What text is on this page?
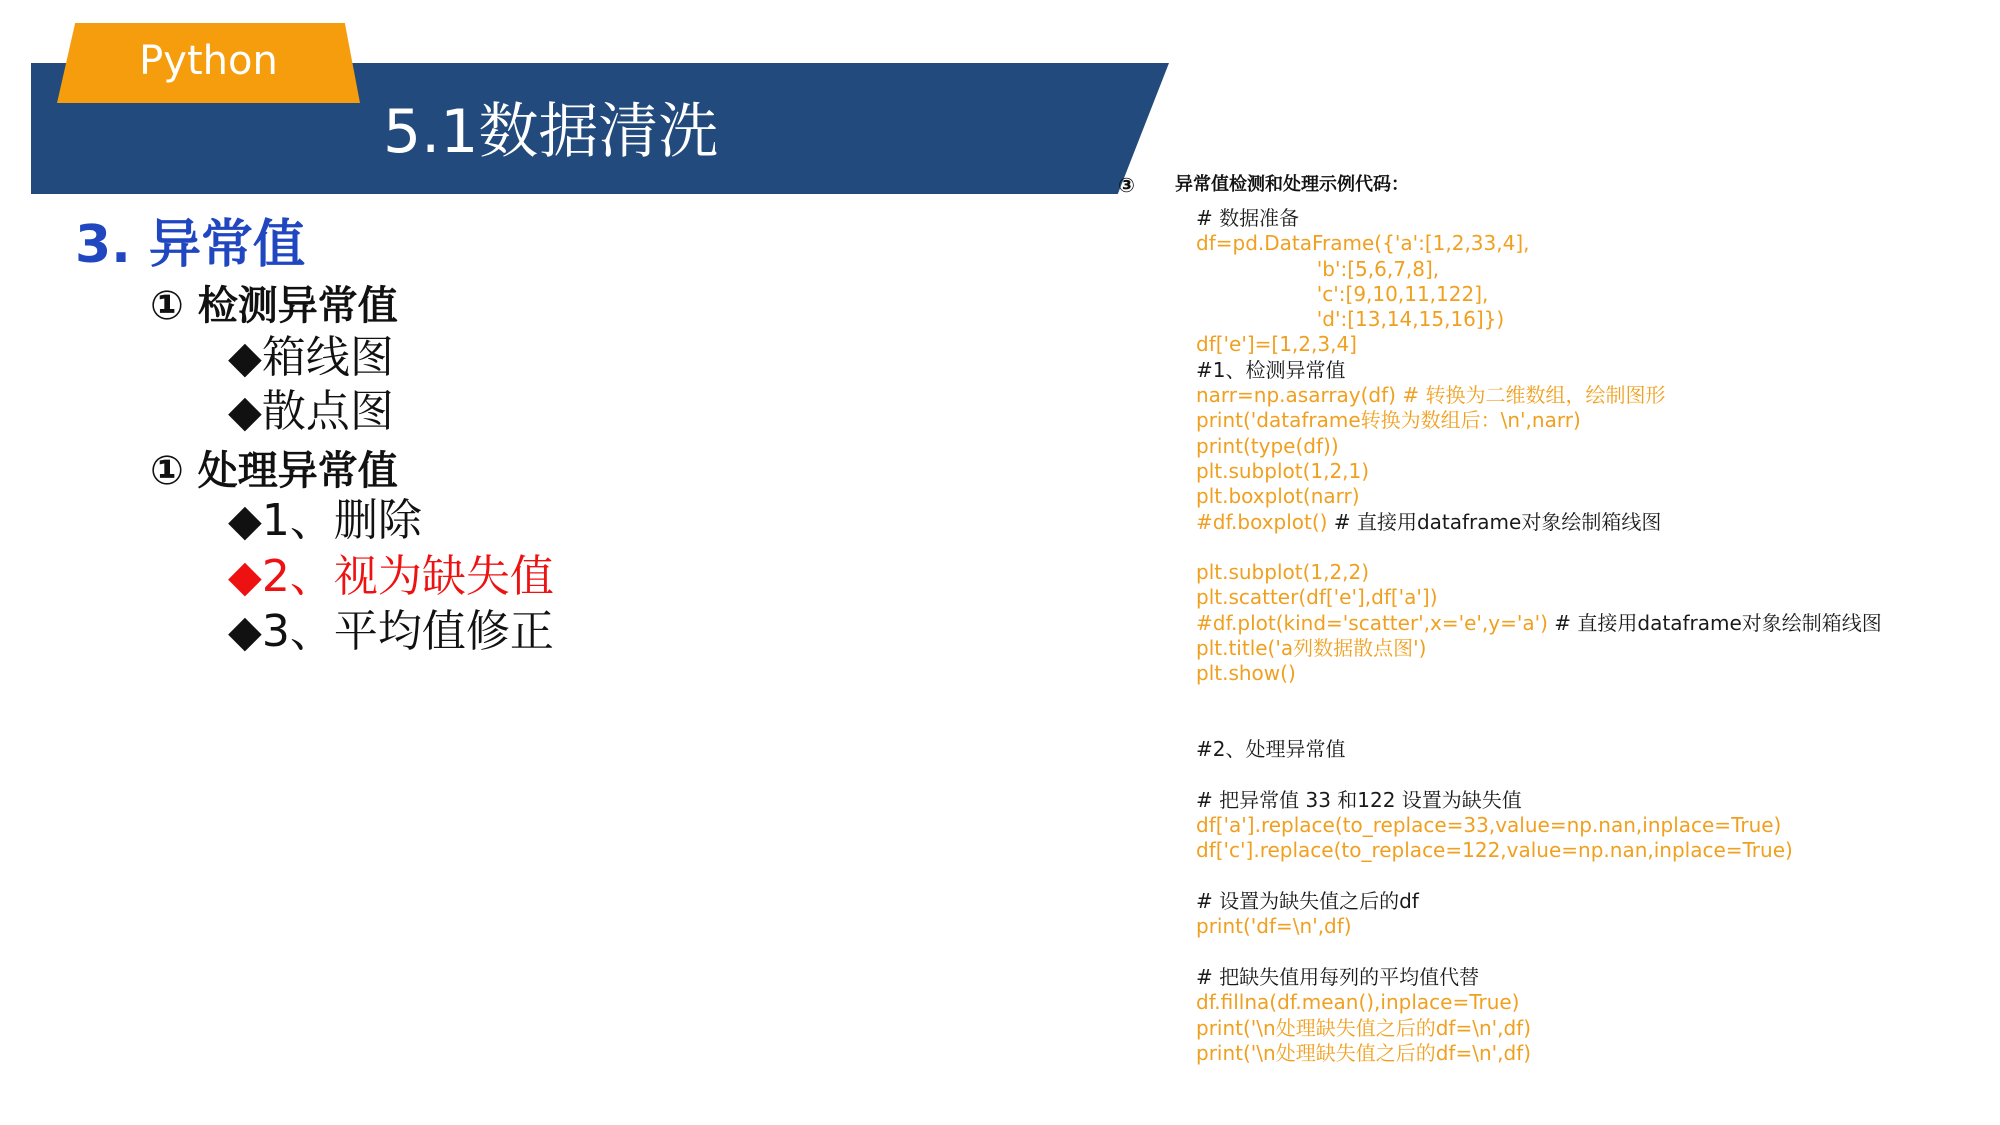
5.1数据清洗
Python
3. 异常值
① 检测异常值
◆箱线图
◆散点图
① 处理异常值
◆1、删除
◆2、视为缺失值
◆3、平均值修正
③ 异常值检测和处理示例代码：
# 数据准备
df=pd.DataFrame({'a':[1,2,33,4],
'b':[5,6,7,8],
'c':[9,10,11,122],
'd':[13,14,15,16]})
df['e']=[1,2,3,4]
#1、检测异常值
narr=np.asarray(df) # 转换为二维数组，绘制图形
print('dataframe转换为数组后：\n',narr)
print(type(df))
plt.subplot(1,2,1)
plt.boxplot(narr)
#df.boxplot() # 直接用dataframe对象绘制箱线图
plt.subplot(1,2,2)
plt.scatter(df['e'],df['a'])
#df.plot(kind='scatter',x='e',y='a') # 直接用dataframe对象绘制箱线图
plt.title('a列数据散点图')
plt.show()
#2、处理异常值
# 把异常值 33 和122 设置为缺失值
df['a'].replace(to_replace=33,value=np.nan,inplace=True)
df['c'].replace(to_replace=122,value=np.nan,inplace=True)
# 设置为缺失值之后的df
print('df=\n',df)
# 把缺失值用每列的平均值代替
df.fillna(df.mean(),inplace=True)
print('\n处理缺失值之后的df=\n',df)
print('\n处理缺失值之后的df=\n',df)
